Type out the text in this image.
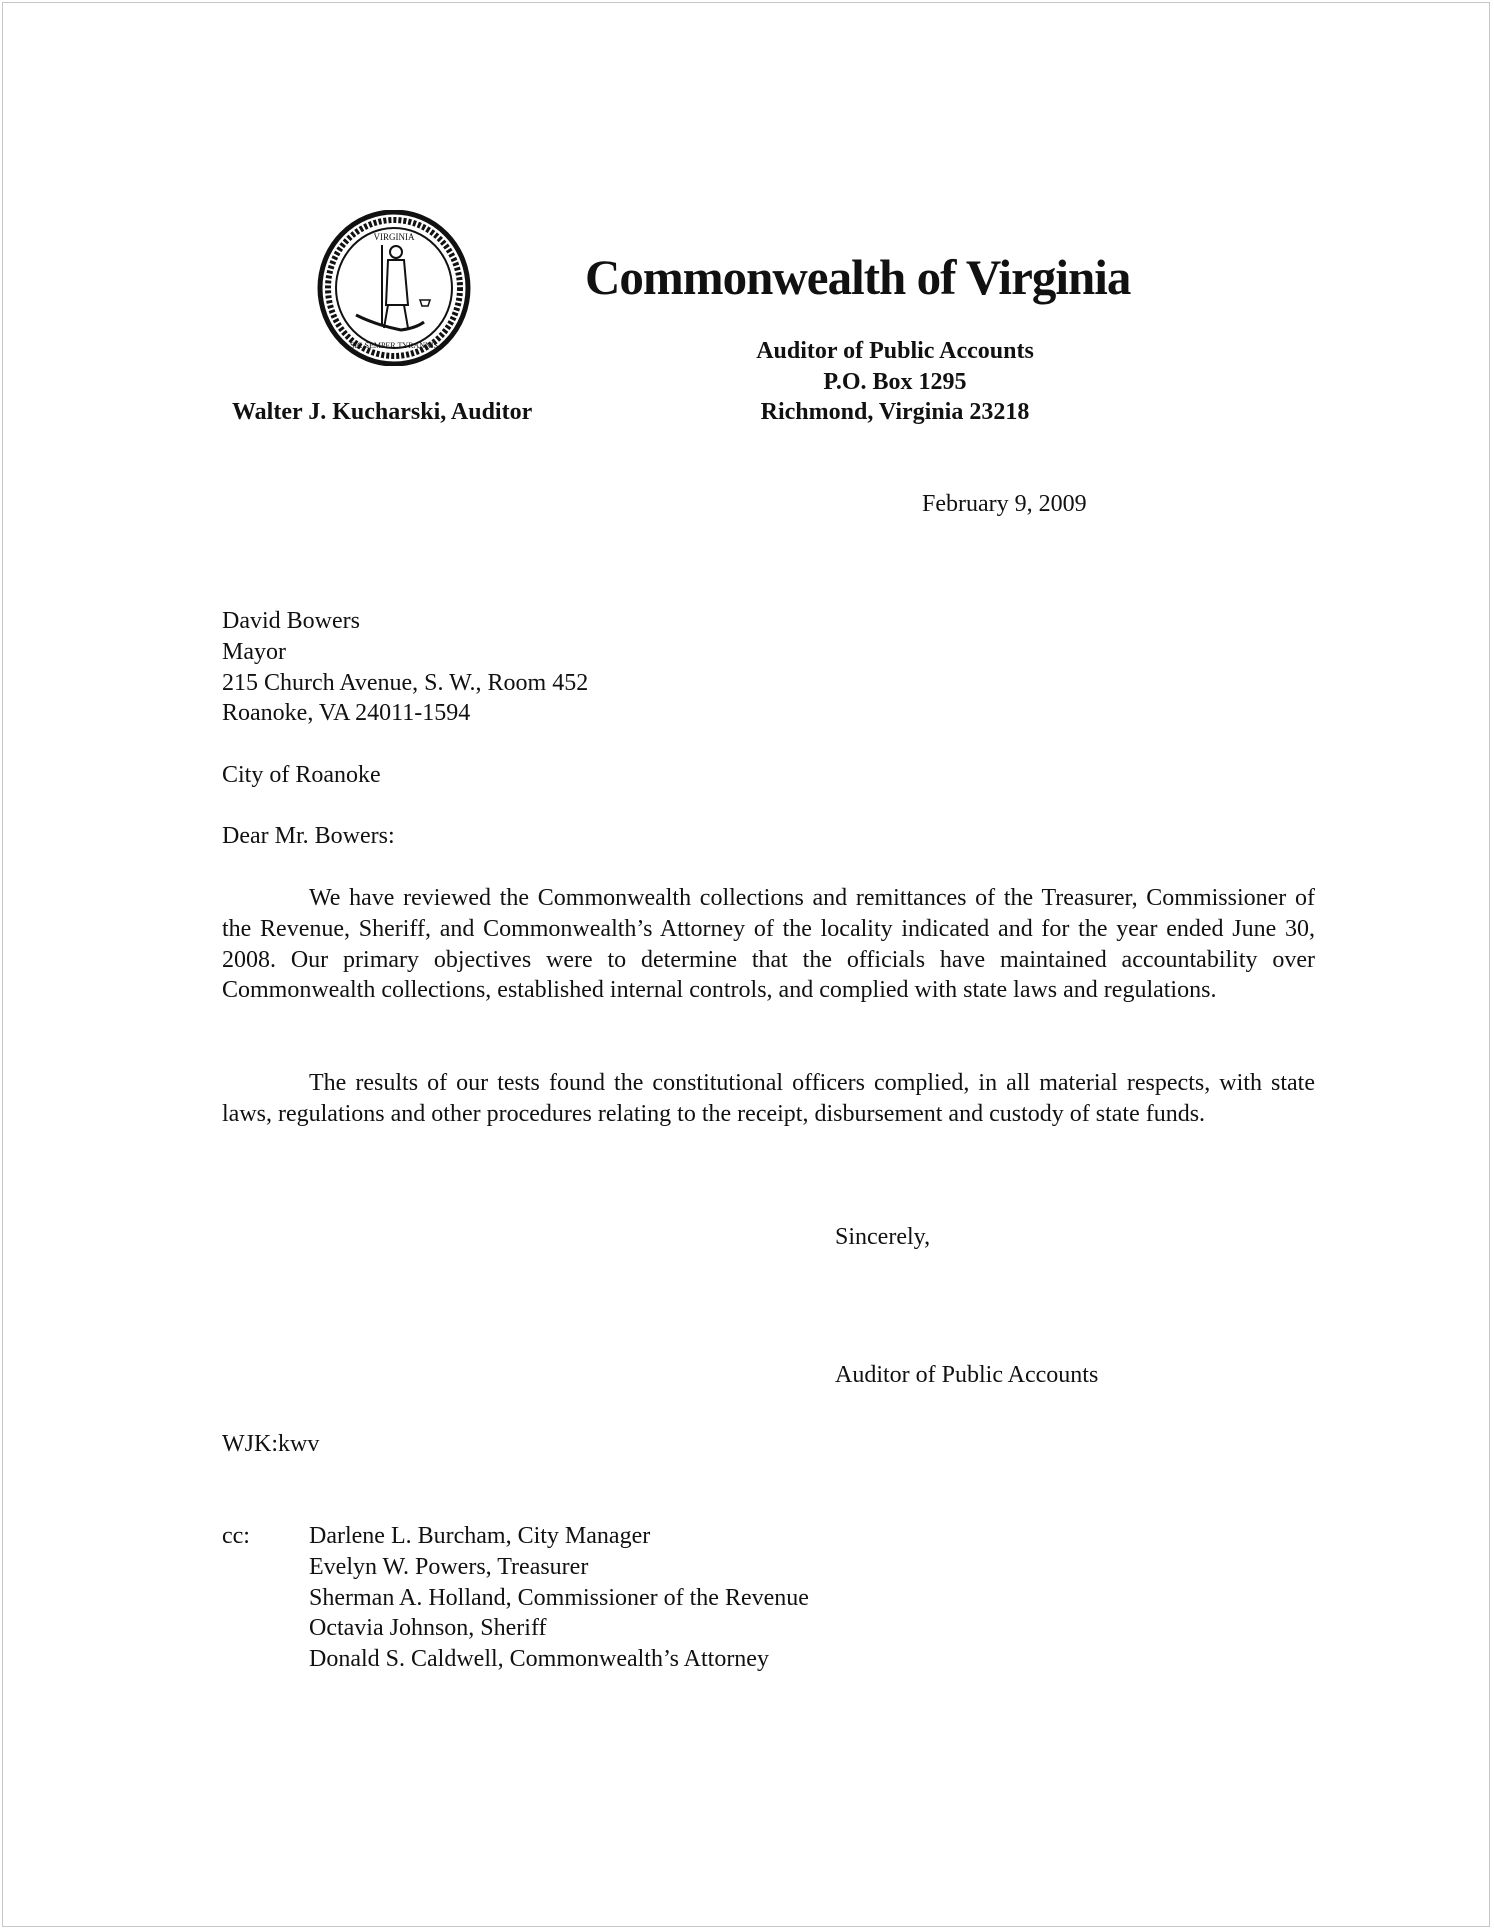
VIRGINIA
SIC SEMPER TYRANNIS
Commonwealth of Virginia
Auditor of Public Accounts
P.O. Box 1295
Richmond, Virginia 23218
Walter J. Kucharski, Auditor
February 9, 2009
David Bowers
Mayor
215 Church Avenue, S. W., Room 452
Roanoke, VA 24011-1594
City of Roanoke
Dear Mr. Bowers:
We have reviewed the Commonwealth collections and remittances of the Treasurer, Commissioner of the Revenue, Sheriff, and Commonwealth’s Attorney of the locality indicated and for the year ended June 30, 2008. Our primary objectives were to determine that the officials have maintained accountability over Commonwealth collections, established internal controls, and complied with state laws and regulations.
The results of our tests found the constitutional officers complied, in all material respects, with state laws, regulations and other procedures relating to the receipt, disbursement and custody of state funds.
Sincerely,
Auditor of Public Accounts
WJK:kwv
cc: Darlene L. Burcham, City Manager
Evelyn W. Powers, Treasurer
Sherman A. Holland, Commissioner of the Revenue
Octavia Johnson, Sheriff
Donald S. Caldwell, Commonwealth’s Attorney
